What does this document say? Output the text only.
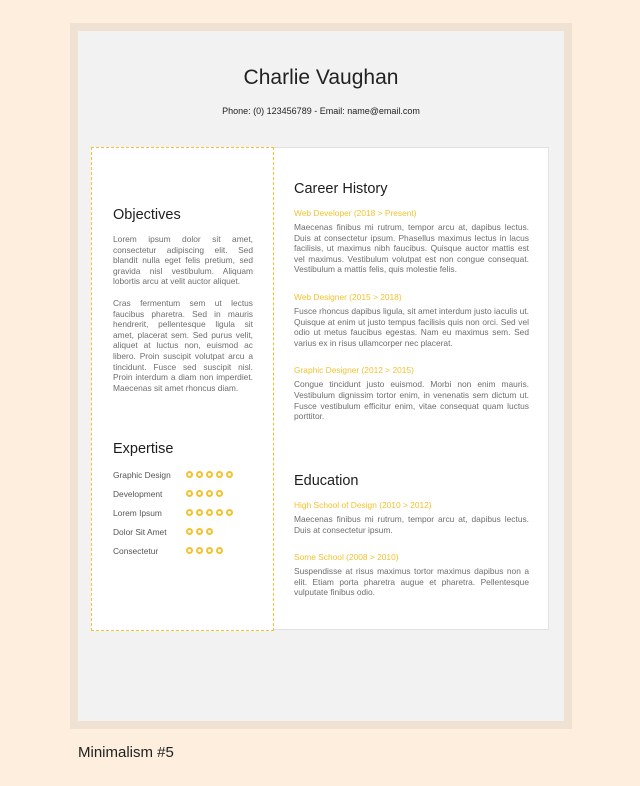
Charlie Vaughan
Phone: (0) 123456789 - Email: name@email.com
Objectives

Lorem ipsum dolor sit amet, consectetur adipiscing elit. Sed blandit nulla eget felis pretium, sed gravida nisl vestibulum. Aliquam lobortis arcu at velit auctor aliquet.

Cras fermentum sem ut lectus faucibus pharetra. Sed in mauris hendrerit, pellentesque ligula sit amet, placerat sem. Sed purus velit, aliquet at luctus non, euismod ac libero. Proin suscipit volutpat arcu a tincidunt. Fusce sed suscipit nisl. Proin interdum a diam non imperdiet. Maecenas sit amet rhoncus diam.

Expertise
Graphic Design
Development
Lorem Ipsum
Dolor Sit Amet
Consectetur
Career History

Web Developer (2018 > Present)

Maecenas finibus mi rutrum, tempor arcu at, dapibus lectus. Duis at consectetur ipsum. Phasellus maximus lectus in lacus facilisis, ut maximus nibh faucibus. Quisque auctor mattis est vel maximus. Vestibulum volutpat est non congue consequat. Vestibulum a mattis felis, quis molestie felis.

Web Designer (2015 > 2018)

Fusce rhoncus dapibus ligula, sit amet interdum justo iaculis ut. Quisque at enim ut justo tempus facilisis quis non orci. Sed vel odio ut metus faucibus egestas. Nam eu maximus sem. Sed varius ex in risus ullamcorper nec placerat.

Graphic Designer (2012 > 2015)

Congue tincidunt justo euismod. Morbi non enim mauris. Vestibulum dignissim tortor enim, in venenatis sem dictum ut. Fusce vestibulum efficitur enim, vitae consequat quam luctus porttitor.

Education

High School of Design (2010 > 2012)

Maecenas finibus mi rutrum, tempor arcu at, dapibus lectus. Duis at consectetur ipsum.

Some School (2008 > 2010)

Suspendisse at risus maximus tortor maximus dapibus non a elit. Etiam porta pharetra augue et pharetra. Pellentesque vulputate finibus odio.

Minimalism #5
